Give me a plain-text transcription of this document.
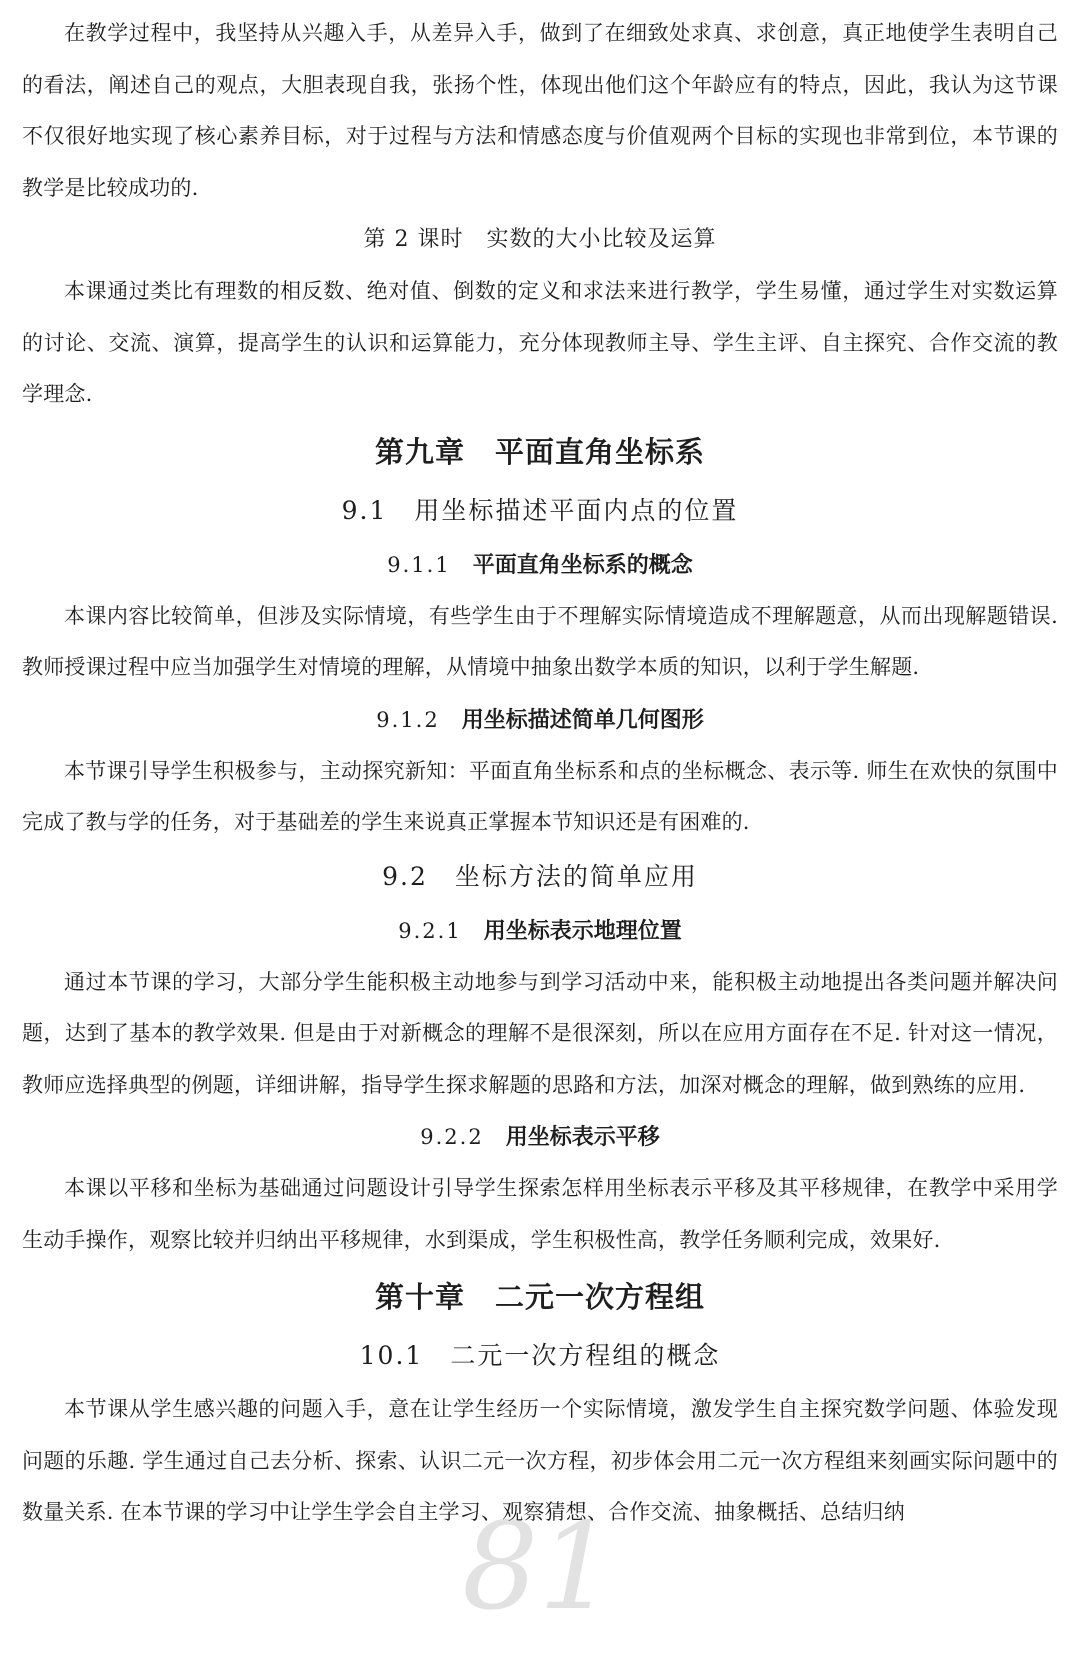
在教学过程中，我坚持从兴趣入手，从差异入手，做到了在细致处求真、求创意，真正地使学生表明自己的看法，阐述自己的观点，大胆表现自我，张扬个性，体现出他们这个年龄应有的特点，因此，我认为这节课不仅很好地实现了核心素养目标，对于过程与方法和情感态度与价值观两个目标的实现也非常到位，本节课的教学是比较成功的.

第 2 课时　实数的大小比较及运算

本课通过类比有理数的相反数、绝对值、倒数的定义和求法来进行教学，学生易懂，通过学生对实数运算的讨论、交流、演算，提高学生的认识和运算能力，充分体现教师主导、学生主评、自主探究、合作交流的教学理念.

第九章　平面直角坐标系
9.1　用坐标描述平面内点的位置
9.1.1 平面直角坐标系的概念

本课内容比较简单，但涉及实际情境，有些学生由于不理解实际情境造成不理解题意，从而出现解题错误. 教师授课过程中应当加强学生对情境的理解，从情境中抽象出数学本质的知识，以利于学生解题.

9.1.2 用坐标描述简单几何图形

本节课引导学生积极参与，主动探究新知：平面直角坐标系和点的坐标概念、表示等. 师生在欢快的氛围中完成了教与学的任务，对于基础差的学生来说真正掌握本节知识还是有困难的.

9.2　坐标方法的简单应用
9.2.1 用坐标表示地理位置

通过本节课的学习，大部分学生能积极主动地参与到学习活动中来，能积极主动地提出各类问题并解决问题，达到了基本的教学效果. 但是由于对新概念的理解不是很深刻，所以在应用方面存在不足. 针对这一情况，教师应选择典型的例题，详细讲解，指导学生探求解题的思路和方法，加深对概念的理解，做到熟练的应用.

9.2.2 用坐标表示平移

本课以平移和坐标为基础通过问题设计引导学生探索怎样用坐标表示平移及其平移规律，在教学中采用学生动手操作，观察比较并归纳出平移规律，水到渠成，学生积极性高，教学任务顺利完成，效果好.

第十章　二元一次方程组
10.1　二元一次方程组的概念

本节课从学生感兴趣的问题入手，意在让学生经历一个实际情境，激发学生自主探究数学问题、体验发现问题的乐趣. 学生通过自己去分析、探索、认识二元一次方程，初步体会用二元一次方程组来刻画实际问题中的数量关系. 在本节课的学习中让学生学会自主学习、观察猜想、合作交流、抽象概括、总结归纳

81
